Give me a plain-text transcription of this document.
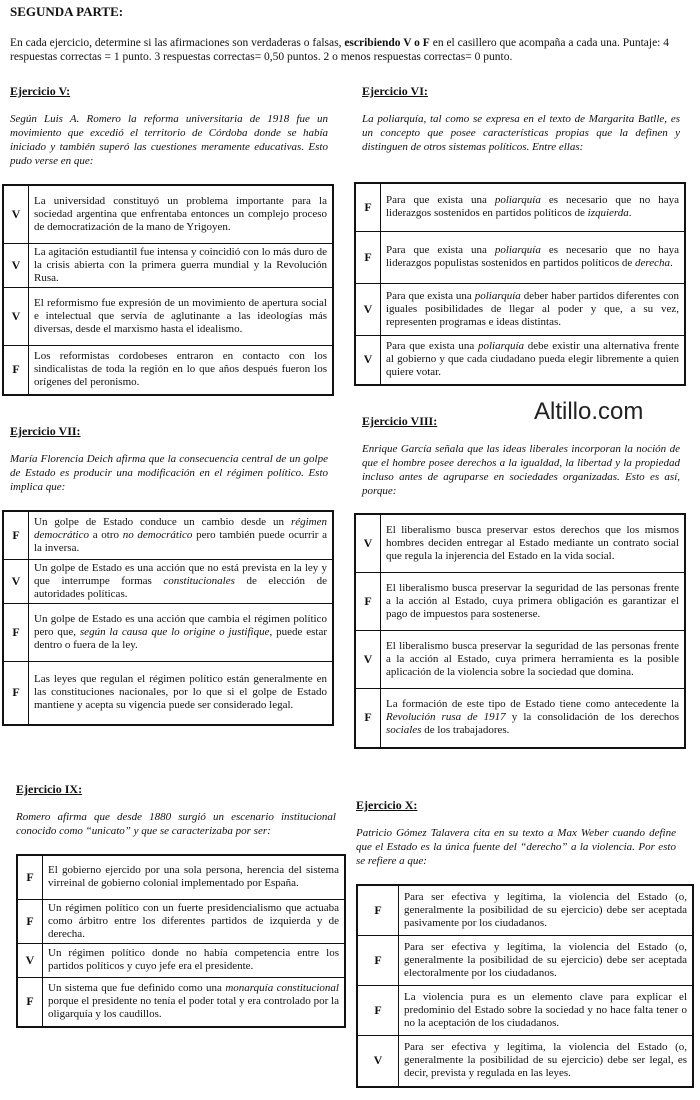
SEGUNDA PARTE:

En cada ejercicio, determine si las afirmaciones son verdaderas o falsas, escribiendo V o F en el casillero que acompaña a cada una. Puntaje: 4 respuestas correctas = 1 punto. 3 respuestas correctas= 0,50 puntos. 2 o menos respuestas correctas= 0 punto.

Altillo.com

Ejercicio V:

Según Luis A. Romero la reforma universitaria de 1918 fue un movimiento que excedió el territorio de Córdoba donde se había iniciado y también superó las cuestiones meramente educativas. Esto pudo verse en que:

V	La universidad constituyó un problema importante para la sociedad argentina que enfrentaba entonces un complejo proceso de democratización de la mano de Yrigoyen.
V	La agitación estudiantil fue intensa y coincidió con lo más duro de la crisis abierta con la primera guerra mundial y la Revolución Rusa.
V	El reformismo fue expresión de un movimiento de apertura social e intelectual que servía de aglutinante a las ideologías más diversas, desde el marxismo hasta el idealismo.
F	Los reformistas cordobeses entraron en contacto con los sindicalistas de toda la región en lo que años después fueron los orígenes del peronismo.

Ejercicio VI:

La poliarquía, tal como se expresa en el texto de Margarita Batlle, es un concepto que posee características propias que la definen y distinguen de otros sistemas políticos. Entre ellas:

F	Para que exista una poliarquía es necesario que no haya liderazgos sostenidos en partidos políticos de izquierda.
F	Para que exista una poliarquía es necesario que no haya liderazgos populistas sostenidos en partidos políticos de derecha.
V	Para que exista una poliarquía deber haber partidos diferentes con iguales posibilidades de llegar al poder y que, a su vez, representen programas e ideas distintas.
V	Para que exista una poliarquía debe existir una alternativa frente al gobierno y que cada ciudadano pueda elegir libremente a quien quiere votar.

Ejercicio VII:

María Florencia Deich afirma que la consecuencia central de un golpe de Estado es producir una modificación en el régimen político. Esto implica que:

F	Un golpe de Estado conduce un cambio desde un régimen democrático a otro no democrático pero también puede ocurrir a la inversa.
V	Un golpe de Estado es una acción que no está prevista en la ley y que interrumpe formas constitucionales de elección de autoridades políticas.
F	Un golpe de Estado es una acción que cambia el régimen político pero que, según la causa que lo origine o justifique, puede estar dentro o fuera de la ley.
F	Las leyes que regulan el régimen político están generalmente en las constituciones nacionales, por lo que si el golpe de Estado mantiene y acepta su vigencia puede ser considerado legal.

Ejercicio VIII:

Enrique García señala que las ideas liberales incorporan la noción de que el hombre posee derechos a la igualdad, la libertad y la propiedad incluso antes de agruparse en sociedades organizadas. Esto es así, porque:

V	El liberalismo busca preservar estos derechos que los mismos hombres deciden entregar al Estado mediante un contrato social que regula la injerencia del Estado en la vida social.
F	El liberalismo busca preservar la seguridad de las personas frente a la acción al Estado, cuya primera obligación es garantizar el pago de impuestos para sostenerse.
V	El liberalismo busca preservar la seguridad de las personas frente a la acción al Estado, cuya primera herramienta es la posible aplicación de la violencia sobre la sociedad que domina.
F	La formación de este tipo de Estado tiene como antecedente la Revolución rusa de 1917 y la consolidación de los derechos sociales de los trabajadores.

Ejercicio IX:

Romero afirma que desde 1880 surgió un escenario institucional conocido como “unicato” y que se caracterizaba por ser:

F	El gobierno ejercido por una sola persona, herencia del sistema virreinal de gobierno colonial implementado por España.
F	Un régimen político con un fuerte presidencialismo que actuaba como árbitro entre los diferentes partidos de izquierda y de derecha.
V	Un régimen político donde no había competencia entre los partidos políticos y cuyo jefe era el presidente.
F	Un sistema que fue definido como una monarquía constitucional porque el presidente no tenía el poder total y era controlado por la oligarquía y los caudillos.

Ejercicio X:

Patricio Gómez Talavera cita en su texto a Max Weber cuando define que el Estado es la única fuente del “derecho” a la violencia. Por esto se refiere a que:

F	Para ser efectiva y legítima, la violencia del Estado (o, generalmente la posibilidad de su ejercicio) debe ser aceptada pasivamente por los ciudadanos.
F	Para ser efectiva y legítima, la violencia del Estado (o, generalmente la posibilidad de su ejercicio) debe ser aceptada electoralmente por los ciudadanos.
F	La violencia pura es un elemento clave para explicar el predominio del Estado sobre la sociedad y no hace falta tener o no la aceptación de los ciudadanos.
V	Para ser efectiva y legítima, la violencia del Estado (o, generalmente la posibilidad de su ejercicio) debe ser legal, es decir, prevista y regulada en las leyes.
